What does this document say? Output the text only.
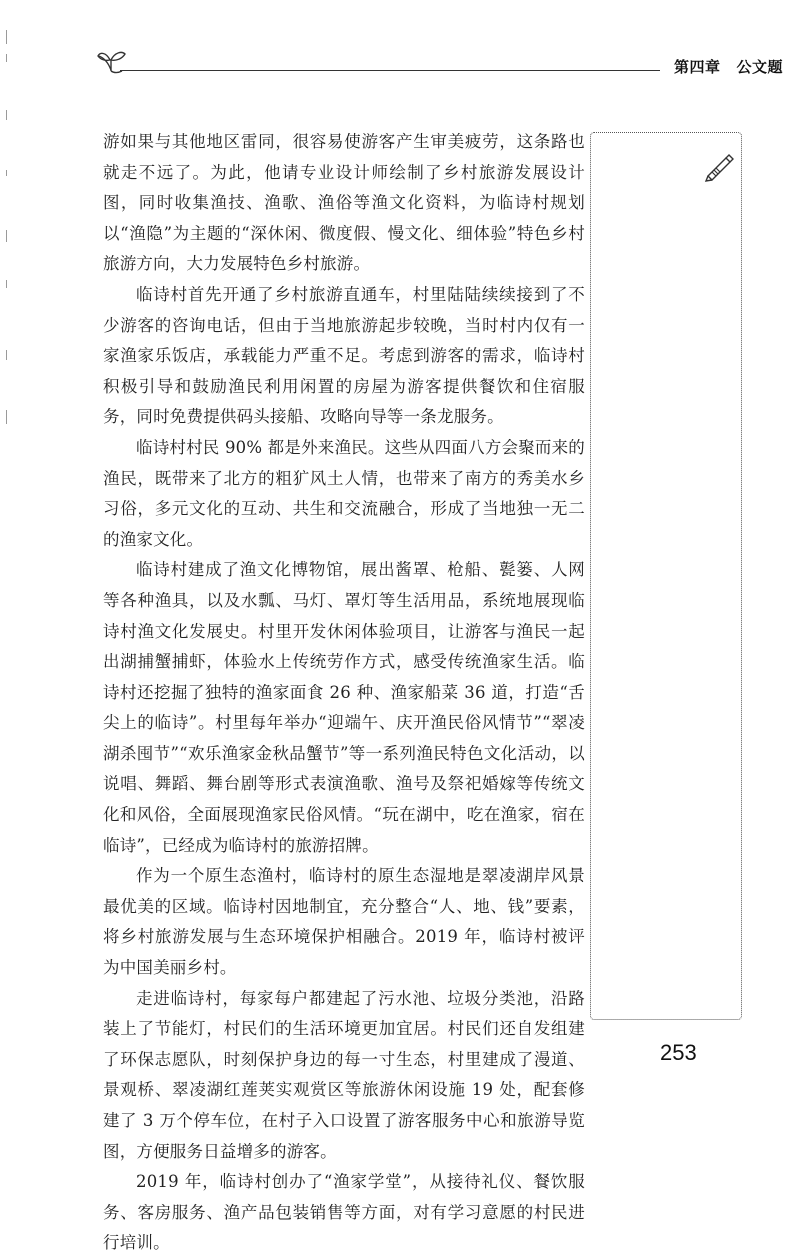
第四章 公文题

游如果与其他地区雷同，很容易使游客产生审美疲劳，这条路也就走不远了。为此，他请专业设计师绘制了乡村旅游发展设计图，同时收集渔技、渔歌、渔俗等渔文化资料，为临诗村规划以“渔隐”为主题的“深休闲、微度假、慢文化、细体验”特色乡村旅游方向，大力发展特色乡村旅游。

临诗村首先开通了乡村旅游直通车，村里陆陆续续接到了不少游客的咨询电话，但由于当地旅游起步较晚，当时村内仅有一家渔家乐饭店，承载能力严重不足。考虑到游客的需求，临诗村积极引导和鼓励渔民利用闲置的房屋为游客提供餐饮和住宿服务，同时免费提供码头接船、攻略向导等一条龙服务。

临诗村村民 90% 都是外来渔民。这些从四面八方会聚而来的渔民，既带来了北方的粗犷风土人情，也带来了南方的秀美水乡习俗，多元文化的互动、共生和交流融合，形成了当地独一无二的渔家文化。

临诗村建成了渔文化博物馆，展出酱罩、枪船、甏篓、人网等各种渔具，以及水瓢、马灯、罩灯等生活用品，系统地展现临诗村渔文化发展史。村里开发休闲体验项目，让游客与渔民一起出湖捕蟹捕虾，体验水上传统劳作方式，感受传统渔家生活。临诗村还挖掘了独特的渔家面食 26 种、渔家船菜 36 道，打造“舌尖上的临诗”。村里每年举办“迎端午、庆开渔民俗风情节”“翠凌湖杀囤节”“欢乐渔家金秋品蟹节”等一系列渔民特色文化活动，以说唱、舞蹈、舞台剧等形式表演渔歌、渔号及祭祀婚嫁等传统文化和风俗，全面展现渔家民俗风情。“玩在湖中，吃在渔家，宿在临诗”，已经成为临诗村的旅游招牌。

作为一个原生态渔村，临诗村的原生态湿地是翠凌湖岸风景最优美的区域。临诗村因地制宜，充分整合“人、地、钱”要素，将乡村旅游发展与生态环境保护相融合。2019 年，临诗村被评为中国美丽乡村。

走进临诗村，每家每户都建起了污水池、垃圾分类池，沿路装上了节能灯，村民们的生活环境更加宜居。村民们还自发组建了环保志愿队，时刻保护身边的每一寸生态，村里建成了漫道、景观桥、翠凌湖红莲荚实观赏区等旅游休闲设施 19 处，配套修建了 3 万个停车位，在村子入口设置了游客服务中心和旅游导览图，方便服务日益增多的游客。

2019 年，临诗村创办了“渔家学堂”，从接待礼仪、餐饮服务、客房服务、渔产品包装销售等方面，对有学习意愿的村民进行培训。

253
